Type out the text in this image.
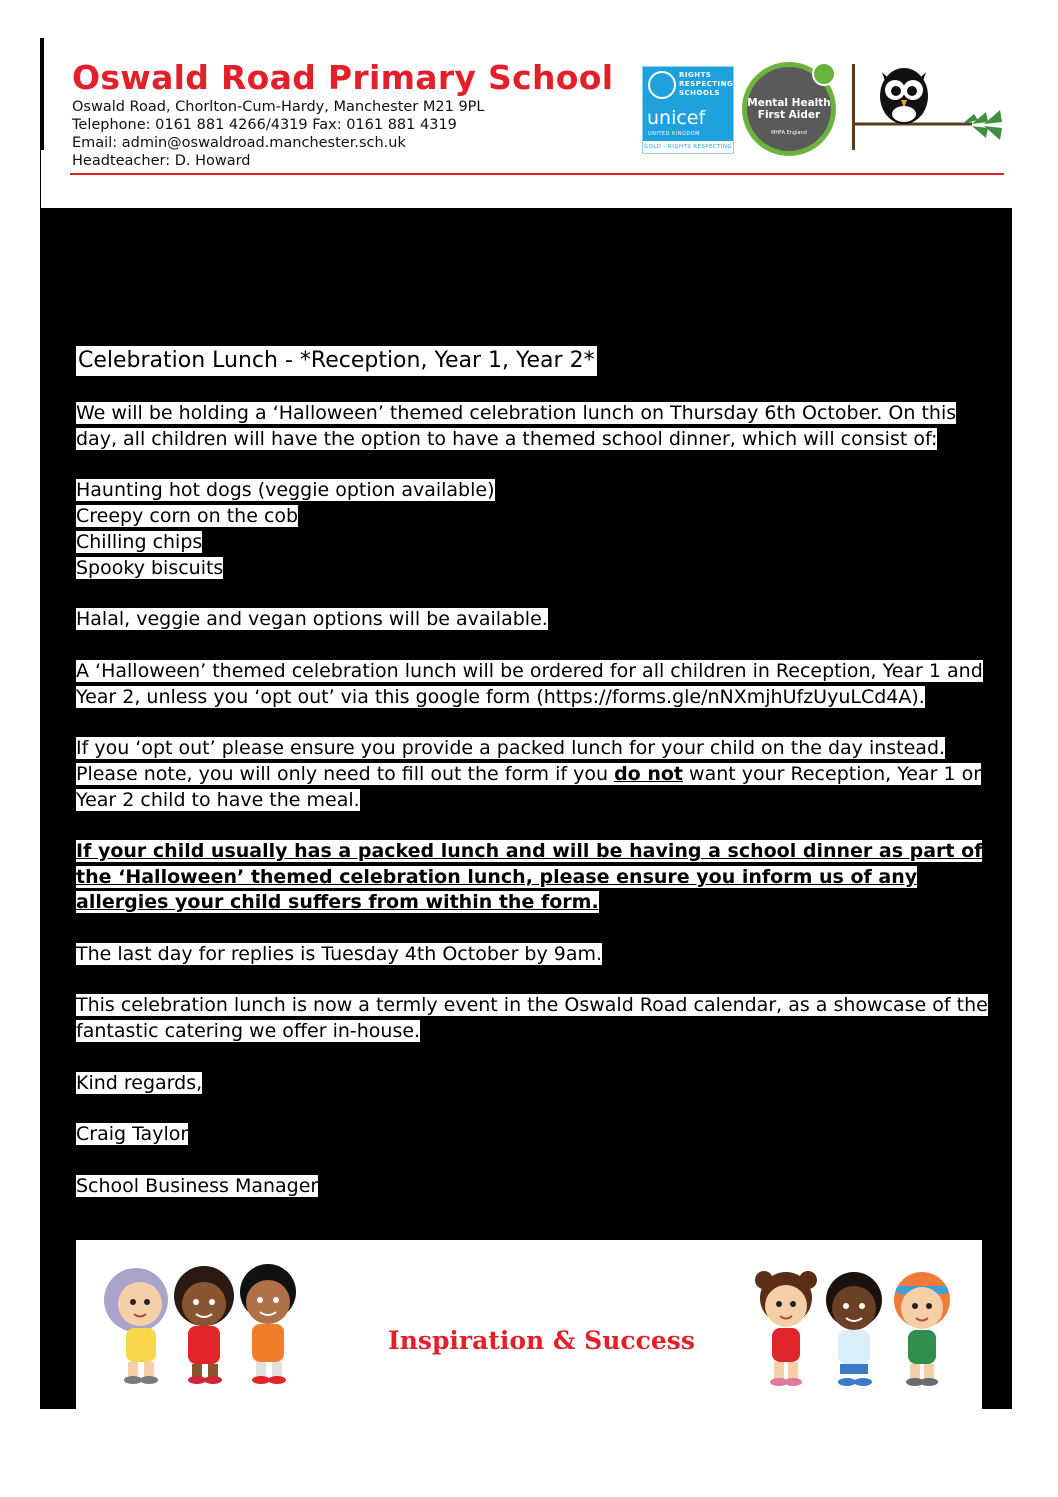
Oswald Road Primary School
Oswald Road, Chorlton-Cum-Hardy, Manchester M21 9PL
Telephone: 0161 881 4266/4319 Fax: 0161 881 4319
Email: admin@oswaldroad.manchester.sch.uk
Headteacher: D. Howard
RIGHTS
RESPECTING
SCHOOLS
unicef
UNITED KINGDOM
GOLD - RIGHTS RESPECTING
Mental Health
First Aider
MHFA England
Celebration Lunch - *Reception, Year 1, Year 2*
We will be holding a ‘Halloween’ themed celebration lunch on Thursday 6th October. On this
day, all children will have the option to have a themed school dinner, which will consist of:
Haunting hot dogs (veggie option available)
Creepy corn on the cob
Chilling chips
Spooky biscuits
Halal, veggie and vegan options will be available.
A ‘Halloween’ themed celebration lunch will be ordered for all children in Reception, Year 1 and
Year 2, unless you ‘opt out’ via this google form (https://forms.gle/nNXmjhUfzUyuLCd4A).
If you ‘opt out’ please ensure you provide a packed lunch for your child on the day instead.
Please note, you will only need to fill out the form if you do not want your Reception, Year 1 or
Year 2 child to have the meal.
If your child usually has a packed lunch and will be having a school dinner as part of
the ‘Halloween’ themed celebration lunch, please ensure you inform us of any
allergies your child suffers from within the form.
The last day for replies is Tuesday 4th October by 9am.
This celebration lunch is now a termly event in the Oswald Road calendar, as a showcase of the
fantastic catering we offer in-house.
Kind regards,
Craig Taylor
School Business Manager
Inspiration & Success
